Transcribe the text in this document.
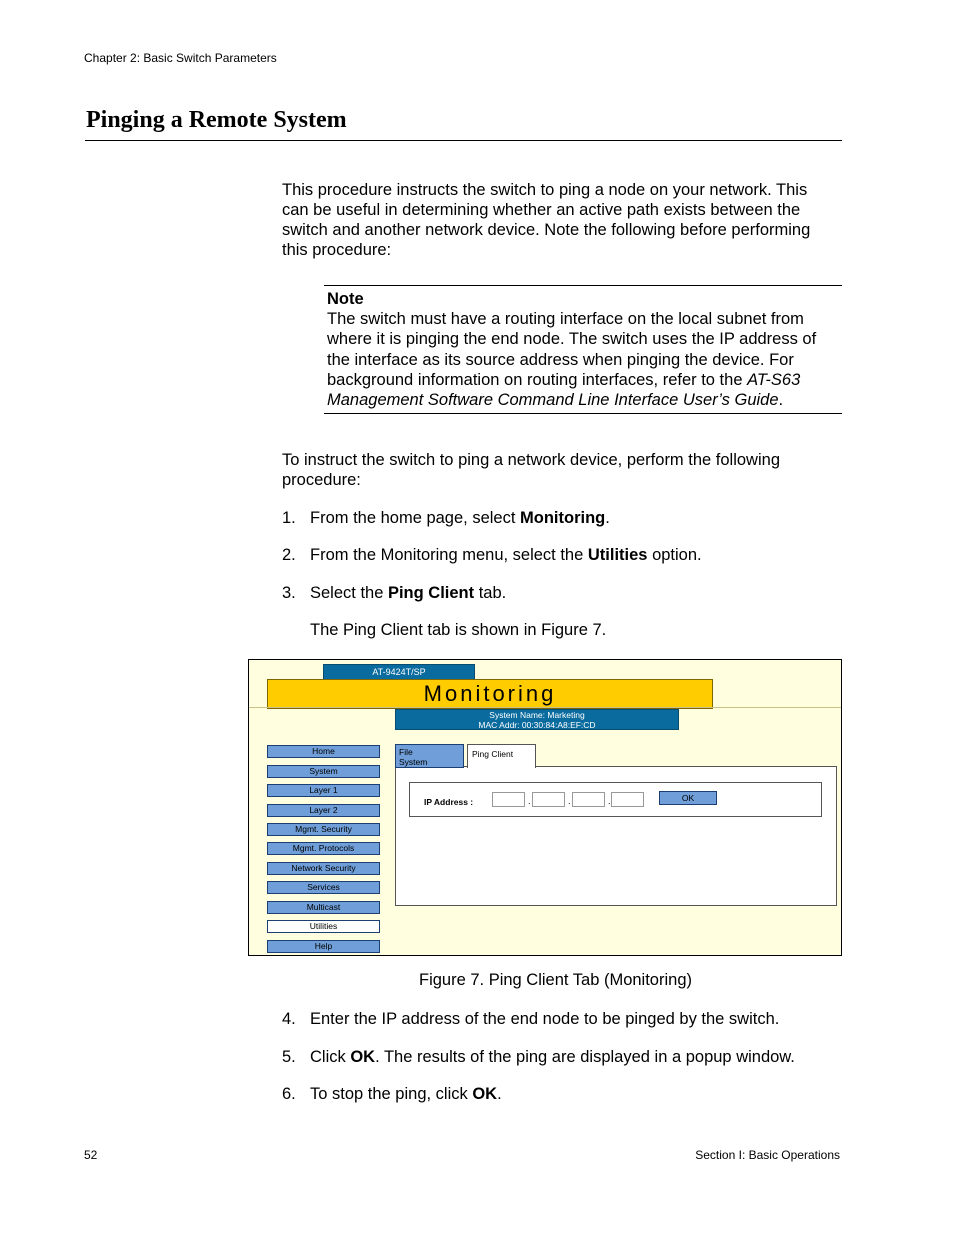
Chapter 2: Basic Switch Parameters
Pinging a Remote System
This procedure instructs the switch to ping a node on your network. This
can be useful in determining whether an active path exists between the
switch and another network device. Note the following before performing
this procedure:
Note
The switch must have a routing interface on the local subnet from
where it is pinging the end node. The switch uses the IP address of
the interface as its source address when pinging the device. For
background information on routing interfaces, refer to the AT-S63
Management Software Command Line Interface User’s Guide.
To instruct the switch to ping a network device, perform the following
procedure:
1. From the home page, select Monitoring.
2. From the Monitoring menu, select the Utilities option.
3. Select the Ping Client tab.
The Ping Client tab is shown in Figure 7.
AT-9424T/SP
Monitoring
System Name: Marketing
MAC Addr: 00:30:84:A8:EF:CD
Home
System
Layer 1
Layer 2
Mgmt. Security
Mgmt. Protocols
Network Security
Services
Multicast
Utilities
Help
File
System
Ping Client
IP Address :	.	.	.	OK
Figure 7. Ping Client Tab (Monitoring)
4. Enter the IP address of the end node to be pinged by the switch.
5. Click OK. The results of the ping are displayed in a popup window.
6. To stop the ping, click OK.
52	Section I: Basic Operations
